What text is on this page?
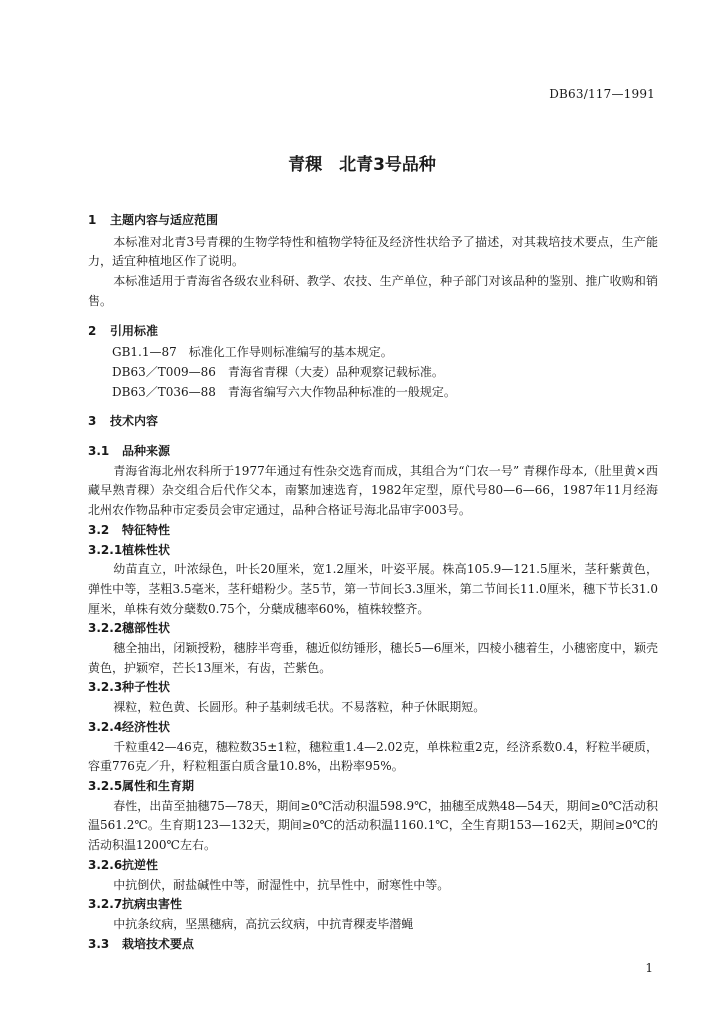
DB63/117—1991
青稞　北青3号品种

1 主题内容与适应范围

本标准对北青3号青稞的生物学特性和植物学特征及经济性状给予了描述，对其栽培技术要点，生产能力，适宜种植地区作了说明。

本标准适用于青海省各级农业科研、教学、农技、生产单位，种子部门对该品种的鉴别、推广收购和销售。

2 引用标准

GB1.1—87　标准化工作导则标准编写的基本规定。

DB63／T009—86　青海省青稞（大麦）品种观察记载标准。

DB63／T036—88　青海省编写六大作物品种标准的一般规定。

3 技术内容

3.1 品种来源

青海省海北州农科所于1977年通过有性杂交选育而成，其组合为“门农一号” 青稞作母本,（肚里黄×西藏早熟青稞）杂交组合后代作父本，南繁加速选育，1982年定型，原代号80—6—66，1987年11月经海北州农作物品种市定委员会审定通过，品种合格证号海北品审字003号。

3.2 特征特性

3.2.1植株性状

幼苗直立，叶浓绿色，叶长20厘米，宽1.2厘米，叶姿平展。株高105.9—121.5厘米，茎秆紫黄色，弹性中等，茎粗3.5毫米，茎秆蜡粉少。茎5节，第一节间长3.3厘米，第二节间长11.0厘米，穗下节长31.0厘米，单株有效分蘖数0.75个，分蘖成穗率60%，植株较整齐。

3.2.2穗部性状

穗全抽出，闭颖授粉，穗脖半弯垂，穗近似纺锤形，穗长5—6厘米，四棱小穗着生，小穗密度中，颖壳黄色，护颖窄，芒长13厘米，有齿，芒紫色。

3.2.3种子性状

裸粒，粒色黄、长圆形。种子基刺绒毛状。不易落粒，种子休眠期短。

3.2.4经济性状

千粒重42—46克，穗粒数35±1粒，穗粒重1.4—2.02克，单株粒重2克，经济系数0.4，籽粒半硬质，容重776克／升，籽粒粗蛋白质含量10.8%，出粉率95%。

3.2.5属性和生育期

春性，出苗至抽穗75—78天，期间≥0℃活动积温598.9℃，抽穗至成熟48—54天，期间≥0℃活动积温561.2℃。生育期123—132天，期间≥0℃的活动积温1160.1℃，全生育期153—162天，期间≥0℃的活动积温1200℃左右。

3.2.6抗逆性

中抗倒伏，耐盐碱性中等，耐湿性中，抗旱性中，耐寒性中等。

3.2.7抗病虫害性

中抗条纹病，坚黑穗病，高抗云纹病，中抗青稞麦毕潜蝇

3.3 栽培技术要点

1
